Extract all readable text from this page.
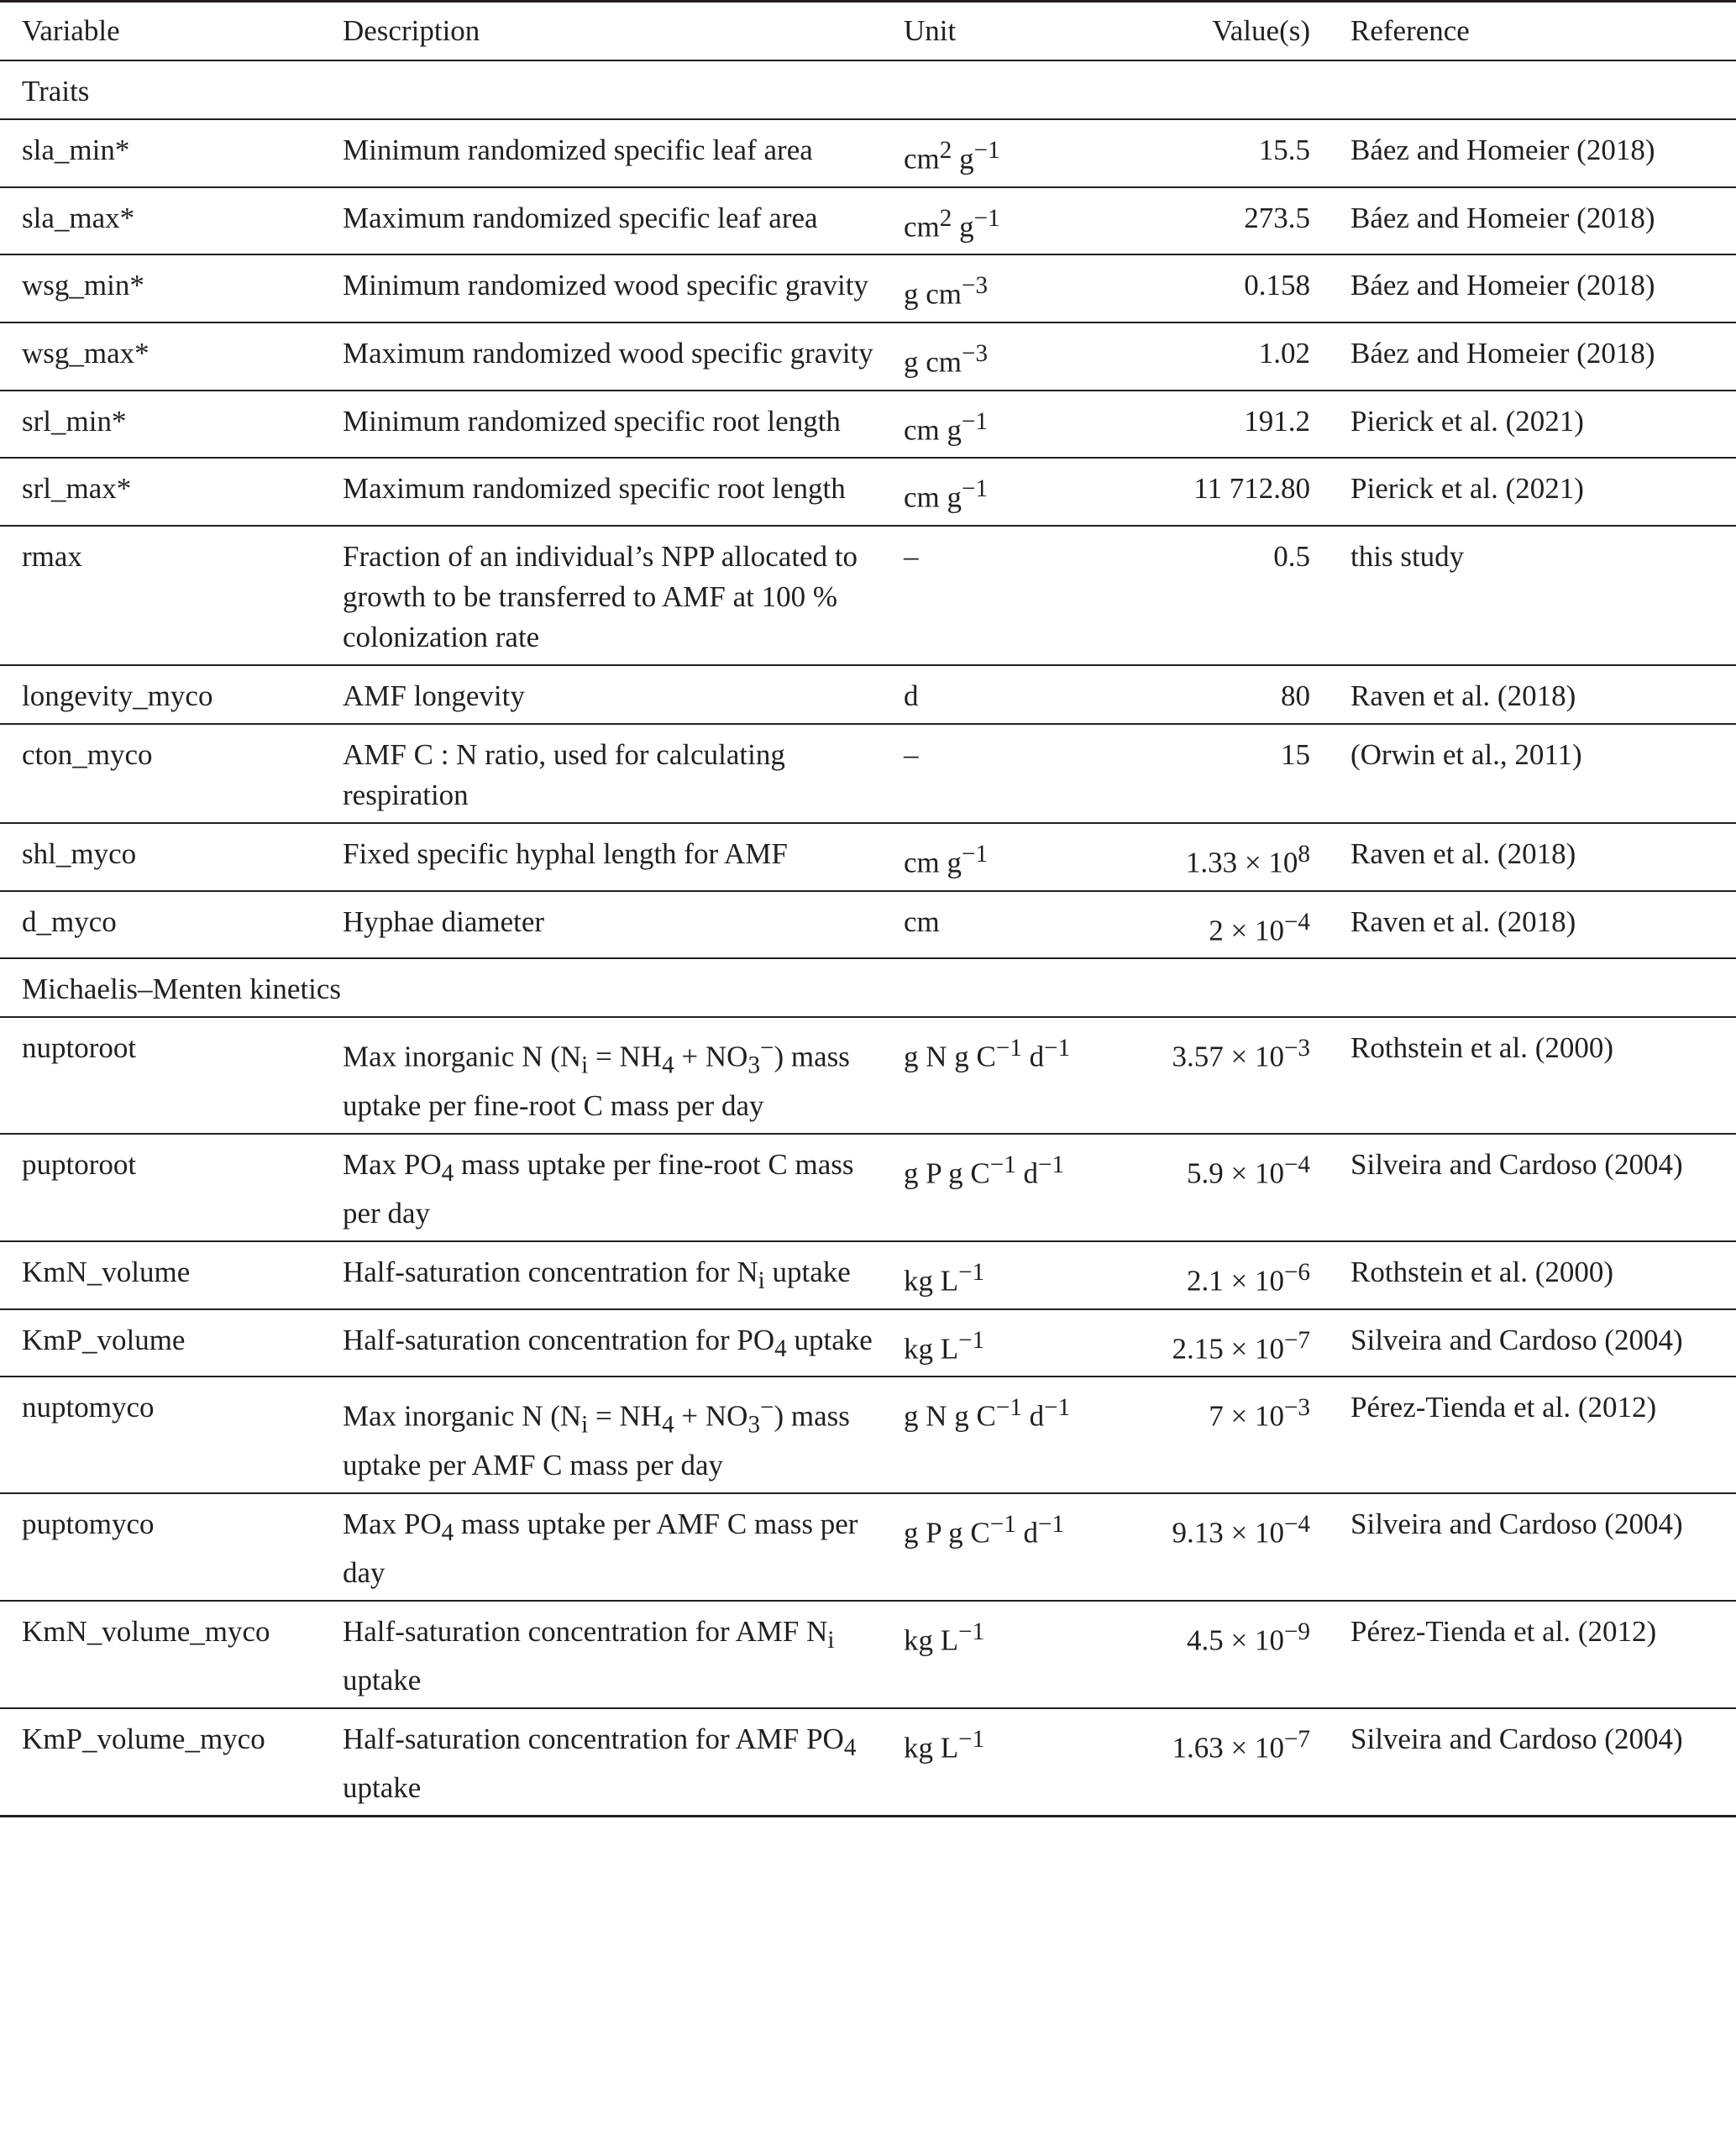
Variable	Description	Unit	Value(s)	Reference
Traits				
sla_min*	Minimum randomized specific leaf area	$cm^2$ $g^{-1}$	15.5	Báez and Homeier (2018)
sla_max*	Maximum randomized specific leaf area	$cm^2$ $g^{-1}$	273.5	Báez and Homeier (2018)
wsg_min*	Minimum randomized wood specific gravity	g $cm^{-3}$	0.158	Báez and Homeier (2018)
wsg_max*	Maximum randomized wood specific gravity	g $cm^{-3}$	1.02	Báez and Homeier (2018)
srl_min*	Minimum randomized specific root length	cm $g^{-1}$	191.2	Pierick et al. (2021)
srl_max*	Maximum randomized specific root length	cm $g^{-1}$	11 712.80	Pierick et al. (2021)
rmax	Fraction of an individual’s NPP allocated to growth to be transferred to AMF at 100 % colonization rate	–	0.5	this study
longevity_myco	AMF longevity	d	80	Raven et al. (2018)
cton_myco	AMF C : N ratio, used for calculating respiration	–	15	(Orwin et al., 2011)
shl_myco	Fixed specific hyphal length for AMF	cm $g^{-1}$	$1.33 \times 10^8$	Raven et al. (2018)
d_myco	Hyphae diameter	cm	$2 \times 10^{-4}$	Raven et al. (2018)
Michaelis–Menten kinetics				
nuptoroot	Max inorganic N $(N_i = NH_4 + NO_3^-)$ mass uptake per fine-root C mass per day	g N g $C^{-1}$ $d^{-1}$	$3.57 \times 10^{-3}$	Rothstein et al. (2000)
puptoroot	Max $PO_4$ mass uptake per fine-root C mass per day	g P g $C^{-1}$ $d^{-1}$	$5.9 \times 10^{-4}$	Silveira and Cardoso (2004)
KmN_volume	Half-saturation concentration for $N_i$ uptake	kg $L^{-1}$	$2.1 \times 10^{-6}$	Rothstein et al. (2000)
KmP_volume	Half-saturation concentration for $PO_4$ uptake	kg $L^{-1}$	$2.15 \times 10^{-7}$	Silveira and Cardoso (2004)
nuptomyco	Max inorganic N $(N_i = NH_4 + NO_3^-)$ mass uptake per AMF C mass per day	g N g $C^{-1}$ $d^{-1}$	$7 \times 10^{-3}$	Pérez-Tienda et al. (2012)
puptomyco	Max $PO_4$ mass uptake per AMF C mass per day	g P g $C^{-1}$ $d^{-1}$	$9.13 \times 10^{-4}$	Silveira and Cardoso (2004)
KmN_volume_myco	Half-saturation concentration for AMF $N_i$ uptake	kg $L^{-1}$	$4.5 \times 10^{-9}$	Pérez-Tienda et al. (2012)
KmP_volume_myco	Half-saturation concentration for AMF $PO_4$ uptake	kg $L^{-1}$	$1.63 \times 10^{-7}$	Silveira and Cardoso (2004)
